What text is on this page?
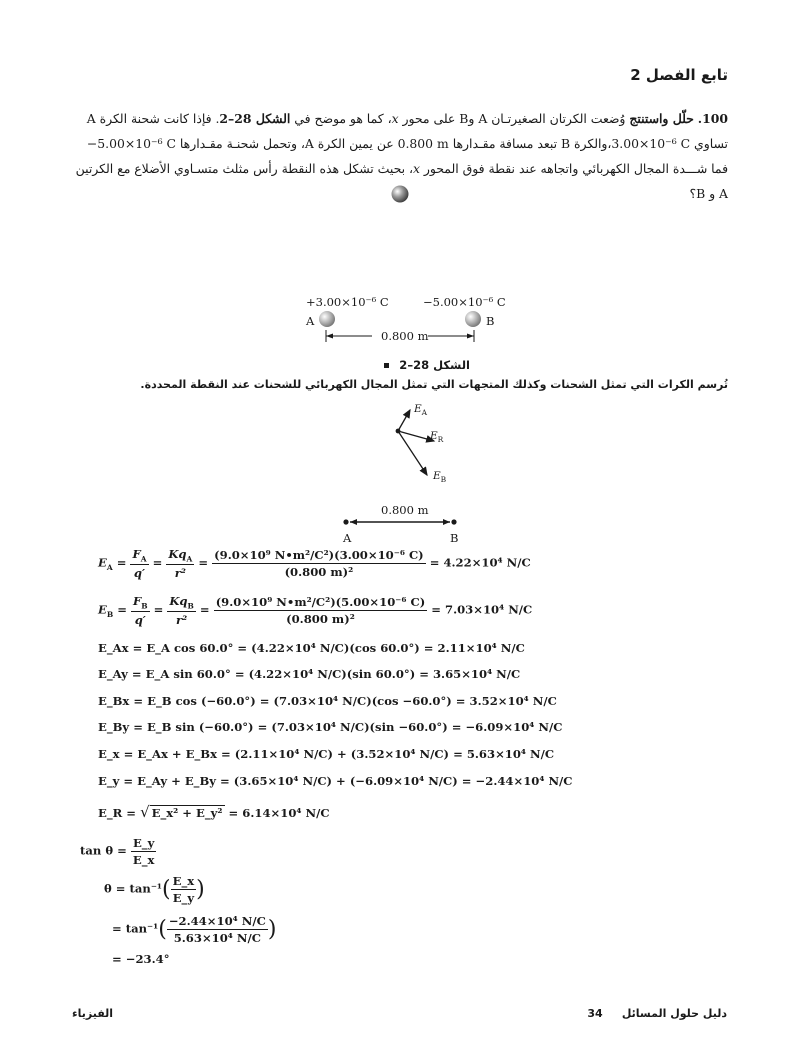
تابع الفصل 2
100. حلّل واستنتج وُضعت الكرتان الصغيرتـان A وB على محور x، كما هو موضح في الشكل 28–2. فإذا كانت شحنة الكرة A تساوي 3.00×10⁻⁶ C،والكرة B تبعد مسافة مقـدارها 0.800 m عن يمين الكرة A، وتحمل شحنـة مقـدارها −5.00×10⁻⁶ C فما شـــدة المجال الكهربائي واتجاهه عند نقطة فوق المحور x، بحيث تشكل هذه النقطة رأس مثلث متسـاوي الأضلاع مع الكرتين A و B؟
+3.00×10⁻⁶ C	−5.00×10⁻⁶ C
A	B
0.800 m
الشكل 28–2
تُرسم الكرات التي تمثل الشحنات وكذلك المتجهات التي تمثل المجال الكهربائي للشحنات عند النقطة المحددة.
$E_A$
$E_R$
$E_B$
0.800 m
A	B
$E_A = \frac{F_A}{q'} = \frac{Kq_A}{\text{r²}} = \frac{\text{(9.0×10⁹ N•m²/C²)(3.00×10⁻⁶ C)}}{\text{(0.800 m)²}} = 4.22\times 10^4$ N/C
$E_B = \frac{F_B}{q'} = \frac{Kq_B}{\text{r²}} = \frac{\text{(9.0×10⁹ N•m²/C²)(5.00×10⁻⁶ C)}}{\text{(0.800 m)²}} = 7.03\times 10^4$ N/C
E_Ax = E_A cos 60.0° = (4.22×10⁴ N/C)(cos 60.0°) = 2.11×10⁴ N/C
E_Ay = E_A sin 60.0° = (4.22×10⁴ N/C)(sin 60.0°) = 3.65×10⁴ N/C
E_Bx = E_B cos (−60.0°) = (7.03×10⁴ N/C)(cos −60.0°) = 3.52×10⁴ N/C
E_By = E_B sin (−60.0°) = (7.03×10⁴ N/C)(sin −60.0°) = −6.09×10⁴ N/C
E_x = E_Ax + E_Bx = (2.11×10⁴ N/C) + (3.52×10⁴ N/C) = 5.63×10⁴ N/C
E_y = E_Ay + E_By = (3.65×10⁴ N/C) + (−6.09×10⁴ N/C) = −2.44×10⁴ N/C
E_R = √ E_x² + E_y² = 6.14×10⁴ N/C
$\tan \theta = \frac{E\_y}{E\_x}$
$\theta = \tan^{-1}( \frac{E\_x}{E\_y}$ )
= $\tan^{-1}( \frac{\text{−2.44×10⁴ N/C}}{\text{5.63×10⁴ N/C}}$ )
= −23.4°
دليل حلول المسائل     34
الفيزياء
